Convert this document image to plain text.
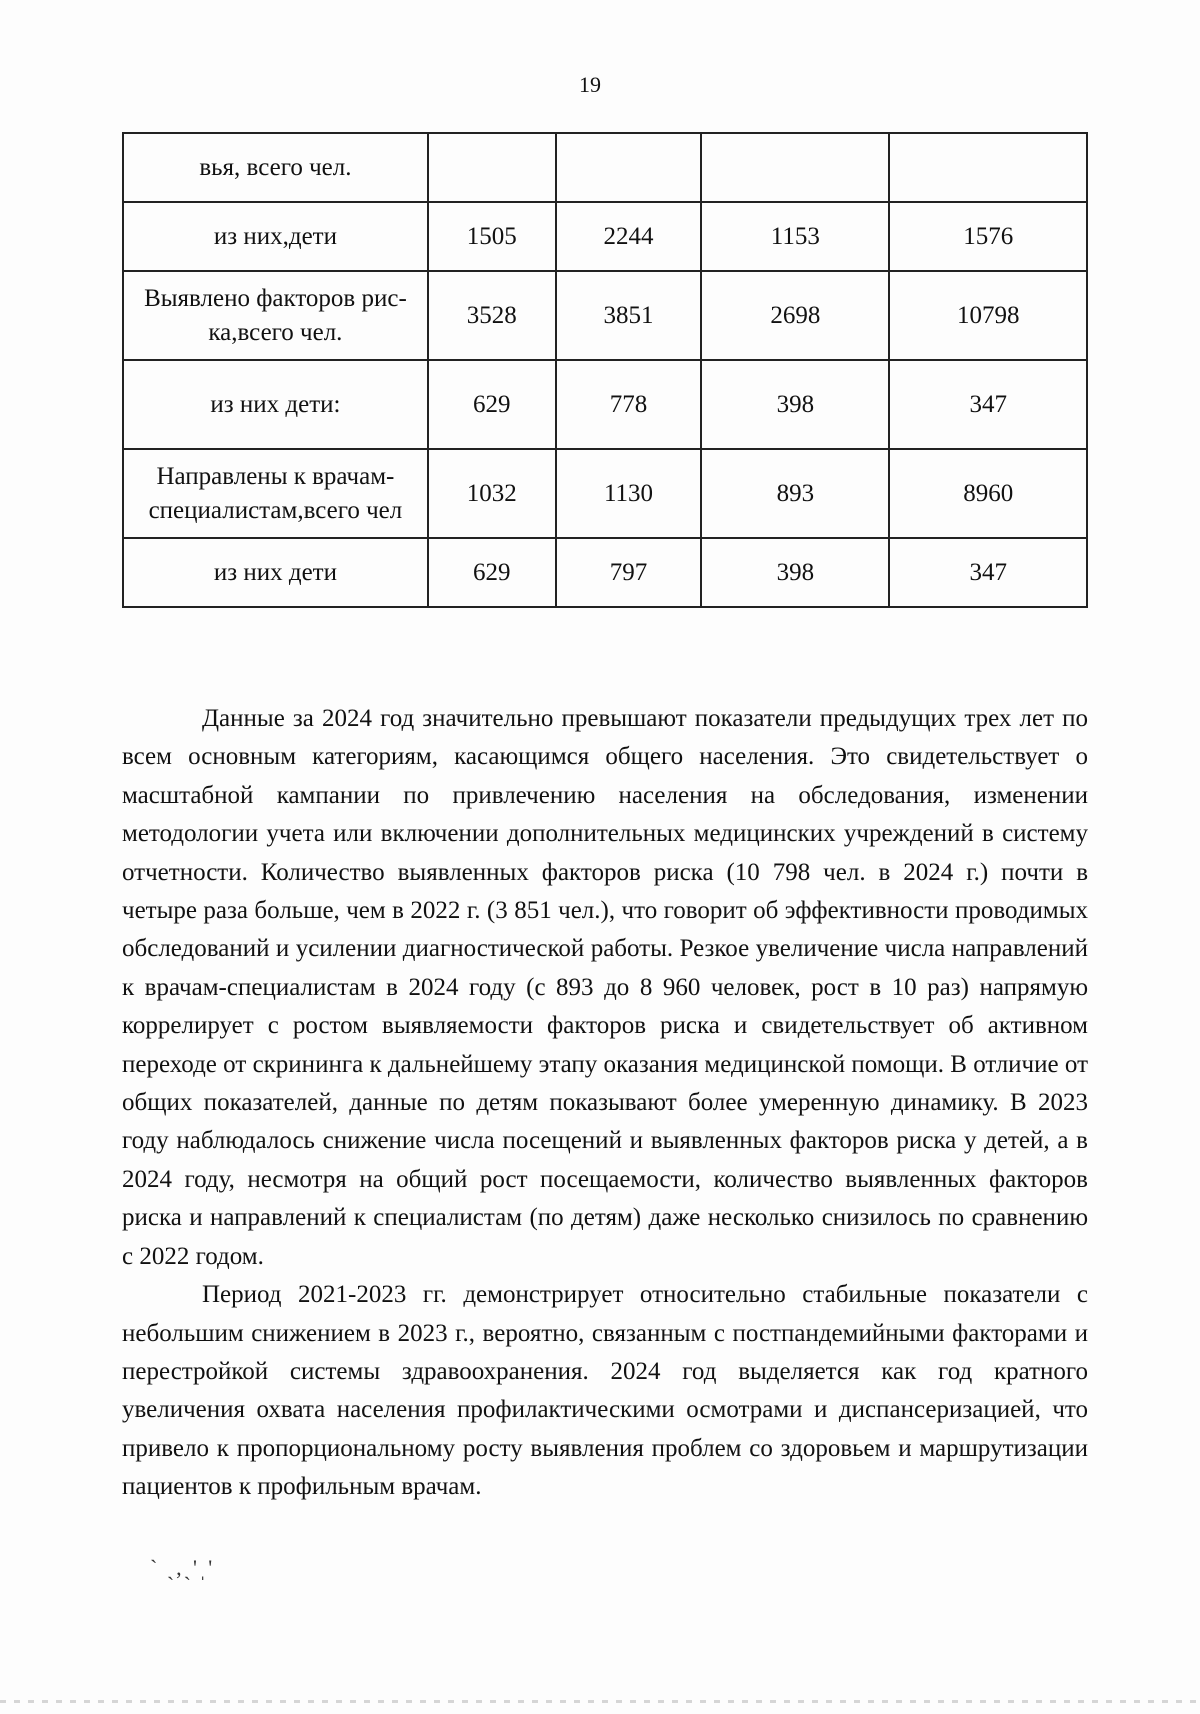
19
вья, всего чел.				
из них,дети	1505	2244	1153	1576
Выявлено факторов рис-ка,всего чел.	3528	3851	2698	10798
из них дети:	629	778	398	347
Направлены к врачам-специалистам,всего чел	1032	1130	893	8960
из них дети	629	797	398	347

Данные за 2024 год значительно превышают показатели предыдущих трех лет по всем основным категориям, касающимся общего населения. Это свидетельствует о масштабной кампании по привлечению населения на обследования, изменении методологии учета или включении дополнительных медицинских учреждений в систему отчетности. Количество выявленных факторов риска (10 798 чел. в 2024 г.) почти в четыре раза больше, чем в 2022 г. (3 851 чел.), что говорит об эффективности проводимых обследований и усилении диагностической работы. Резкое увеличение числа направлений к врачам-специалистам в 2024 году (с 893 до 8 960 человек, рост в 10 раз) напрямую коррелирует с ростом выявляемости факторов риска и свидетельствует об активном переходе от скрининга к дальнейшему этапу оказания медицинской помощи. В отличие от общих показателей, данные по детям показывают более умеренную динамику. В 2023 году наблюдалось снижение числа посещений и выявленных факторов риска у детей, а в 2024 году, несмотря на общий рост посещаемости, количество выявленных факторов риска и направлений к специалистам (по детям) даже несколько снизилось по сравнению с 2022 годом.

Период 2021-2023 гг. демонстрирует относительно стабильные показатели с небольшим снижением в 2023 г., вероятно, связанным с постпандемийными факторами и перестройкой системы здравоохранения. 2024 год выделяется как год кратного увеличения охвата населения профилактическими осмотрами и диспансеризацией, что привело к пропорциональному росту выявления проблем со здоровьем и маршрутизации пациентов к профильным врачам.

` ˎ,ˏ'ˌ'
